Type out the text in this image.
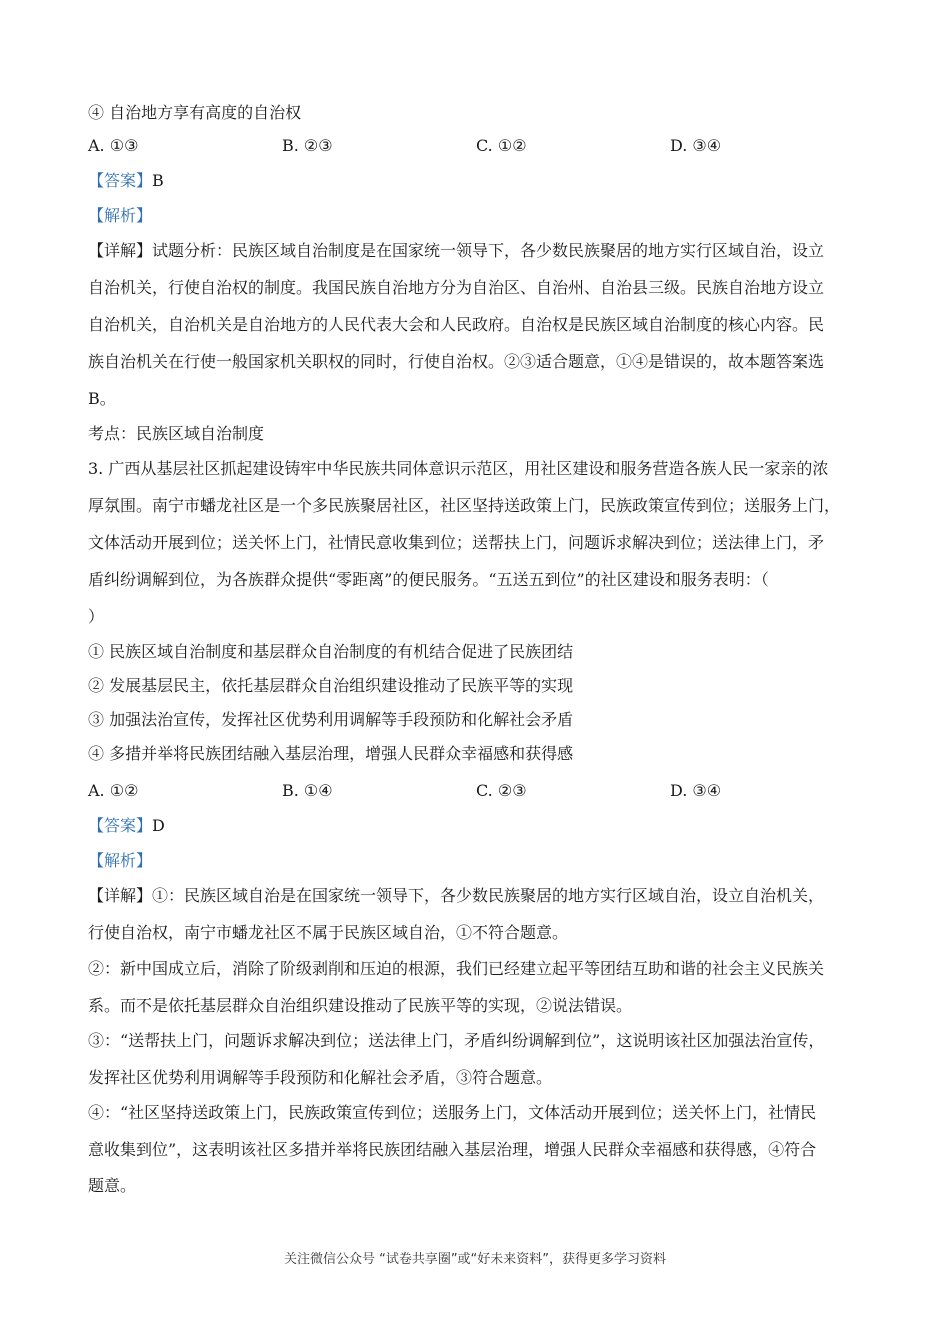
④ 自治地方享有高度的自治权

A. ①③	B. ②③	C. ①②	D. ③④

【答案】B

【解析】

【详解】试题分析：民族区域自治制度是在国家统一领导下，各少数民族聚居的地方实行区域自治，设立

自治机关，行使自治权的制度。我国民族自治地方分为自治区、自治州、自治县三级。民族自治地方设立

自治机关，自治机关是自治地方的人民代表大会和人民政府。自治权是民族区域自治制度的核心内容。民

族自治机关在行使一般国家机关职权的同时，行使自治权。②③适合题意，①④是错误的，故本题答案选

B。

考点：民族区域自治制度

3. 广西从基层社区抓起建设铸牢中华民族共同体意识示范区，用社区建设和服务营造各族人民一家亲的浓

厚氛围。南宁市蟠龙社区是一个多民族聚居社区，社区坚持送政策上门，民族政策宣传到位；送服务上门，

文体活动开展到位；送关怀上门，社情民意收集到位；送帮扶上门，问题诉求解决到位；送法律上门，矛

盾纠纷调解到位，为各族群众提供“零距离”的便民服务。“五送五到位”的社区建设和服务表明：（

）

① 民族区域自治制度和基层群众自治制度的有机结合促进了民族团结

② 发展基层民主，依托基层群众自治组织建设推动了民族平等的实现

③ 加强法治宣传，发挥社区优势利用调解等手段预防和化解社会矛盾

④ 多措并举将民族团结融入基层治理，增强人民群众幸福感和获得感

A. ①②	B. ①④	C. ②③	D. ③④

【答案】D

【解析】

【详解】①：民族区域自治是在国家统一领导下，各少数民族聚居的地方实行区域自治，设立自治机关，

行使自治权，南宁市蟠龙社区不属于民族区域自治，①不符合题意。

②：新中国成立后，消除了阶级剥削和压迫的根源，我们已经建立起平等团结互助和谐的社会主义民族关

系。而不是依托基层群众自治组织建设推动了民族平等的实现，②说法错误。

③：“送帮扶上门，问题诉求解决到位；送法律上门，矛盾纠纷调解到位”，这说明该社区加强法治宣传，

发挥社区优势利用调解等手段预防和化解社会矛盾，③符合题意。

④：“社区坚持送政策上门，民族政策宣传到位；送服务上门，文体活动开展到位；送关怀上门，社情民

意收集到位”，这表明该社区多措并举将民族团结融入基层治理，增强人民群众幸福感和获得感，④符合

题意。

关注微信公众号 “试卷共享圈”或“好未来资料”，获得更多学习资料
